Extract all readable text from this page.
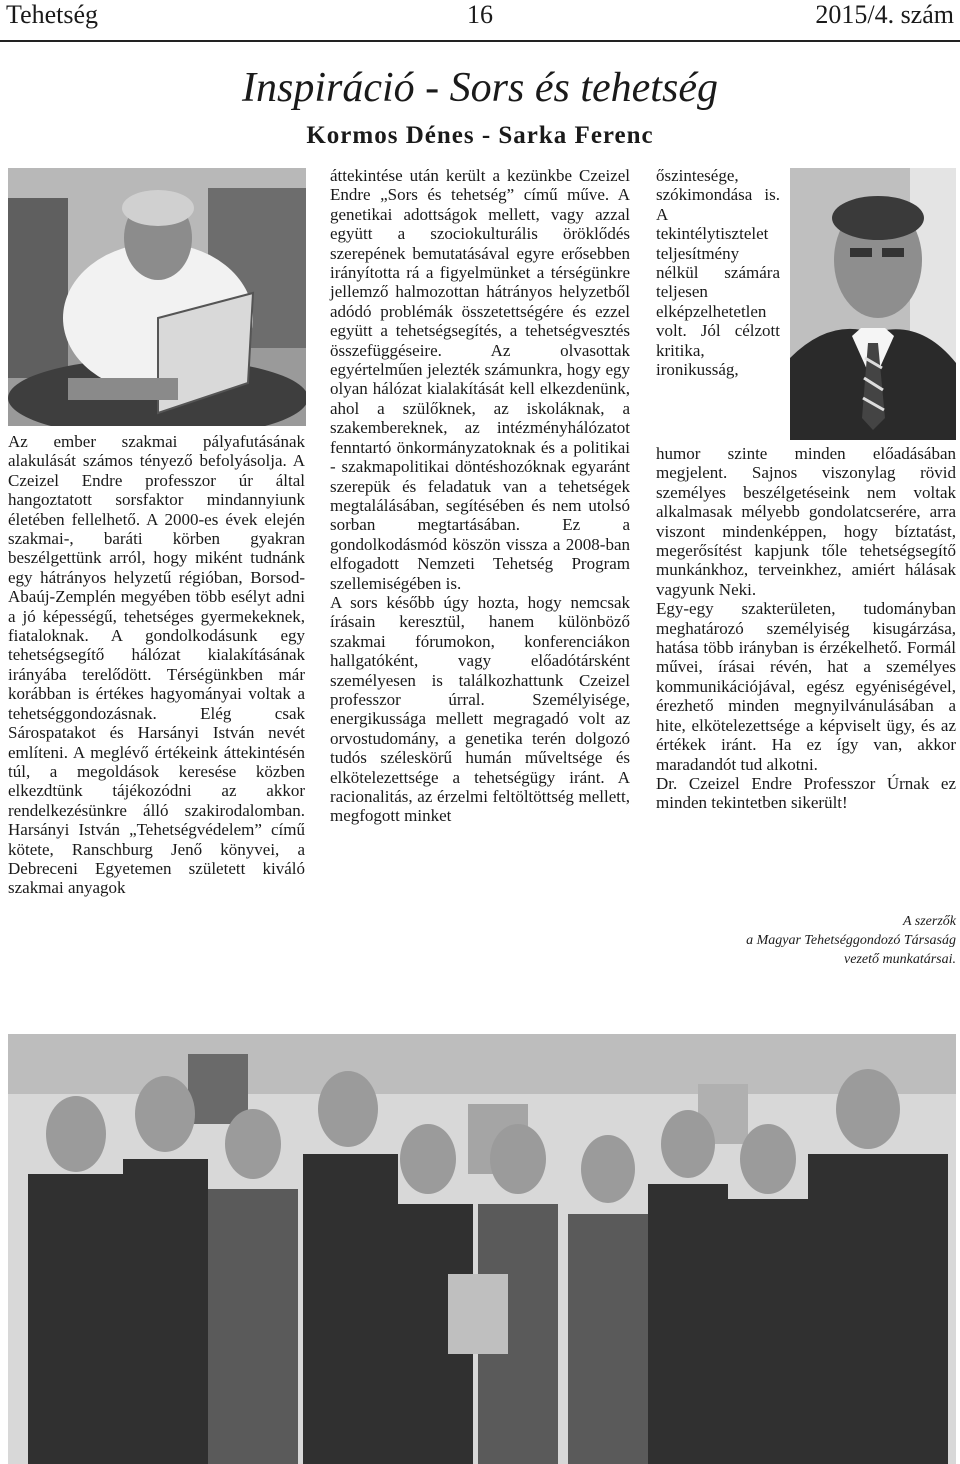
Tehetség	16	2015/4. szám
Inspiráció - Sors és tehetség
Kormos Dénes - Sarka Ferenc

Az ember szakmai pályafutásának alakulását számos tényező befolyásolja. A Czeizel Endre professzor úr által hangoztatott sorsfaktor mindannyiunk életében fellelhető. A 2000-es évek elején szakmai-, baráti körben gyakran beszélgettünk arról, hogy miként tudnánk egy hátrányos helyzetű régióban, Borsod-Abaúj-Zemplén megyében több esélyt adni a jó képességű, tehetséges gyermekeknek, fiataloknak. A gondolkodásunk egy tehetségsegítő hálózat kialakításának irányába terelődött. Térségünkben már korábban is értékes hagyományai voltak a tehetséggondozásnak. Elég csak Sárospatakot és Harsányi István nevét említeni. A meglévő értékeink áttekintésén túl, a megoldások keresése közben elkezdtünk tájékozódni az akkor rendelkezésünkre álló szakirodalomban. Harsányi István „Tehetségvédelem” című kötete, Ranschburg Jenő könyvei, a Debreceni Egyetemen született kiváló szakmai anyagok

áttekintése után került a kezünkbe Czeizel Endre „Sors és tehetség” című műve. A genetikai adottságok mellett, vagy azzal együtt a szociokulturális öröklődés szerepének bemutatásával egyre erősebben irányította rá a figyelmünket a térségünkre jellemző halmozottan hátrányos helyzetből adódó problémák összetettségére és ezzel együtt a tehetségsegítés, a tehetségvesztés összefüggéseire. Az olvasottak egyértelműen jelezték számunkra, hogy egy olyan hálózat kialakítását kell elkezdenünk, ahol a szülőknek, az iskoláknak, a szakembereknek, az intézményhálózatot fenntartó önkormányzatoknak és a politikai - szakmapolitikai döntéshozóknak egyaránt szerepük és feladatuk van a tehetségek megtalálásában, segítésében és nem utolsó sorban megtartásában. Ez a gondolkodásmód köszön vissza a 2008-ban elfogadott Nemzeti Tehetség Program szellemiségében is.

A sors később úgy hozta, hogy nemcsak írásain keresztül, hanem különböző szakmai fórumokon, konferenciákon hallgatóként, vagy előadótársként személyesen is találkozhattunk Czeizel professzor úrral. Személyisége, energikussága mellett megragadó volt az orvostudomány, a genetika terén dolgozó tudós széleskörű humán műveltsége és elkötelezettsége a tehetségügy iránt. A racionalitás, az érzelmi feltöltöttség mellett, megfogott minket

őszintesége, szókimondása is. A tekintélytisztelet teljesítmény nélkül számára teljesen elképzelhetetlen volt. Jól célzott kritika, ironikusság,

humor szinte minden előadásában megjelent. Sajnos viszonylag rövid személyes beszélgetéseink nem voltak alkalmasak mélyebb gondolatcserére, arra viszont mindenképpen, hogy bíztatást, megerősítést kapjunk tőle tehetségsegítő munkánkhoz, terveinkhez, amiért hálásak vagyunk Neki.

Egy-egy szakterületen, tudományban meghatározó személyiség kisugárzása, hatása több irányban is érzékelhető. Formál művei, írásai révén, hat a személyes kommunikációjával, egész egyéniségével, érezhető minden megnyilvánulásában a hite, elkötelezettsége a képviselt ügy, és az értékek iránt. Ha ez így van, akkor maradandót tud alkotni.

Dr. Czeizel Endre Professzor Úrnak ez minden tekintetben sikerült!

A szerzők
a Magyar Tehetséggondozó Társaság
vezető munkatársai.
